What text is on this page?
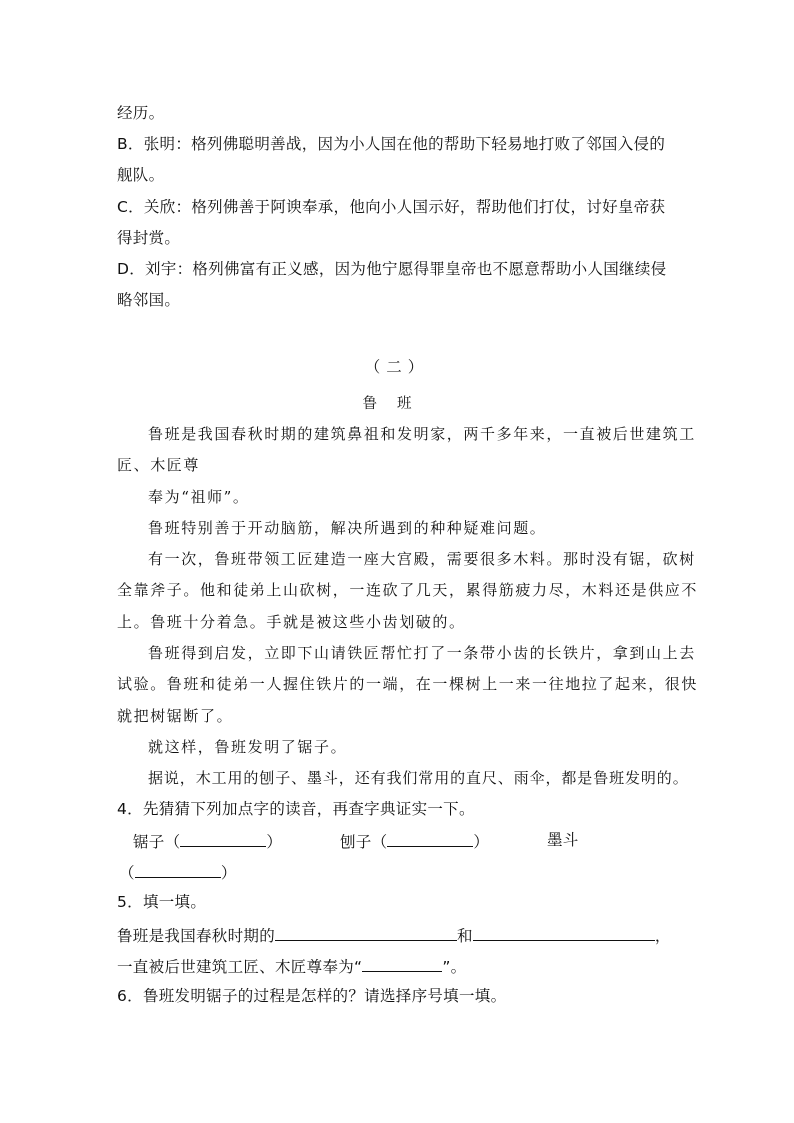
经历。
B．张明：格列佛聪明善战，因为小人国在他的帮助下轻易地打败了邻国入侵的
舰队。
C．关欣：格列佛善于阿谀奉承，他向小人国示好，帮助他们打仗，讨好皇帝获
得封赏。
D．刘宇：格列佛富有正义感，因为他宁愿得罪皇帝也不愿意帮助小人国继续侵
略邻国。
（二）
鲁班
鲁班是我国春秋时期的建筑鼻祖和发明家，两千多年来，一直被后世建筑工
匠、木匠尊
奉为“祖师”。
鲁班特别善于开动脑筋，解决所遇到的种种疑难问题。
有一次，鲁班带领工匠建造一座大宫殿，需要很多木料。那时没有锯，砍树
全靠斧子。他和徒弟上山砍树，一连砍了几天，累得筋疲力尽，木料还是供应不
上。鲁班十分着急。手就是被这些小齿划破的。
鲁班得到启发，立即下山请铁匠帮忙打了一条带小齿的长铁片，拿到山上去
试验。鲁班和徒弟一人握住铁片的一端，在一棵树上一来一往地拉了起来，很快
就把树锯断了。
就这样，鲁班发明了锯子。
据说，木工用的刨子、墨斗，还有我们常用的直尺、雨伞，都是鲁班发明的。
4．先猜猜下列加点字的读音，再查字典证实一下。
锯子（	）	刨子（	）	墨斗
（	）
5．填一填。
鲁班是我国春秋时期的	和	，
一直被后世建筑工匠、木匠尊奉为“	”。
6．鲁班发明锯子的过程是怎样的？请选择序号填一填。
